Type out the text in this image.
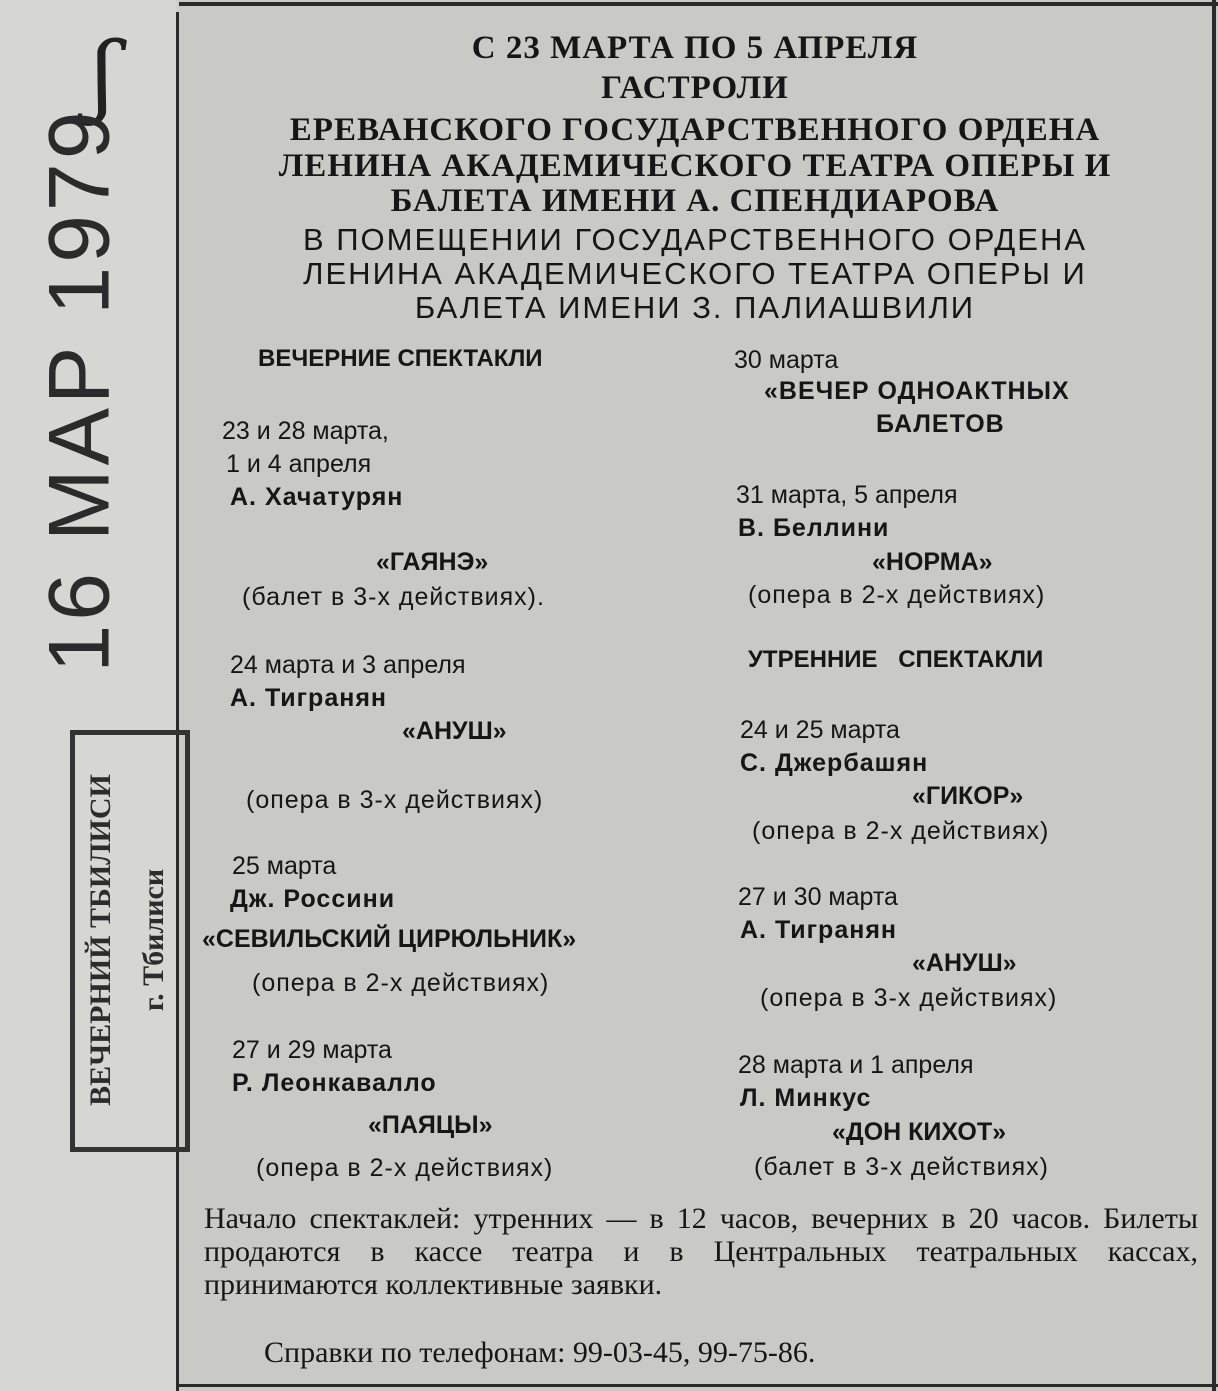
ʃ
16 МАР 1979
ВЕЧЕРНИЙ ТБИЛИСИ г. Тбилиси
С 23 МАРТА ПО 5 АПРЕЛЯ
ГАСТРОЛИ
ЕРЕВАНСКОГО ГОСУДАРСТВЕННОГО ОРДЕНА
ЛЕНИНА АКАДЕМИЧЕСКОГО ТЕАТРА ОПЕРЫ И
БАЛЕТА ИМЕНИ А. СПЕНДИАРОВА
В ПОМЕЩЕНИИ ГОСУДАРСТВЕННОГО ОРДЕНА
ЛЕНИНА АКАДЕМИЧЕСКОГО ТЕАТРА ОПЕРЫ И
БАЛЕТА ИМЕНИ З. ПАЛИАШВИЛИ
ВЕЧЕРНИЕ СПЕКТАКЛИ
23 и 28 марта,
1 и 4 апреля
А. Хачатурян
«ГАЯНЭ»
(балет в 3-х действиях).
24 марта и 3 апреля
А. Тигранян
«АНУШ»
(опера в 3-х действиях)
25 марта
Дж. Россини
«СЕВИЛЬСКИЙ ЦИРЮЛЬНИК»
(опера в 2-х действиях)
27 и 29 марта
Р. Леонкавалло
«ПАЯЦЫ»
(опера в 2-х действиях)
30 марта
«ВЕЧЕР ОДНОАКТНЫХ
БАЛЕТОВ
31 марта, 5 апреля
В. Беллини
«НОРМА»
(опера в 2-х действиях)
УТРЕННИЕ СПЕКТАКЛИ
24 и 25 марта
С. Джербашян
«ГИКОР»
(опера в 2-х действиях)
27 и 30 марта
А. Тигранян
«АНУШ»
(опера в 3-х действиях)
28 марта и 1 апреля
Л. Минкус
«ДОН КИХОТ»
(балет в 3-х действиях)
Начало спектаклей: утренних — в 12 часов, вечерних в 20 часов. Билеты продаются в кассе театра и в Центральных театральных кассах, принимаются коллективные заявки.
Справки по телефонам: 99-03-45, 99-75-86.
